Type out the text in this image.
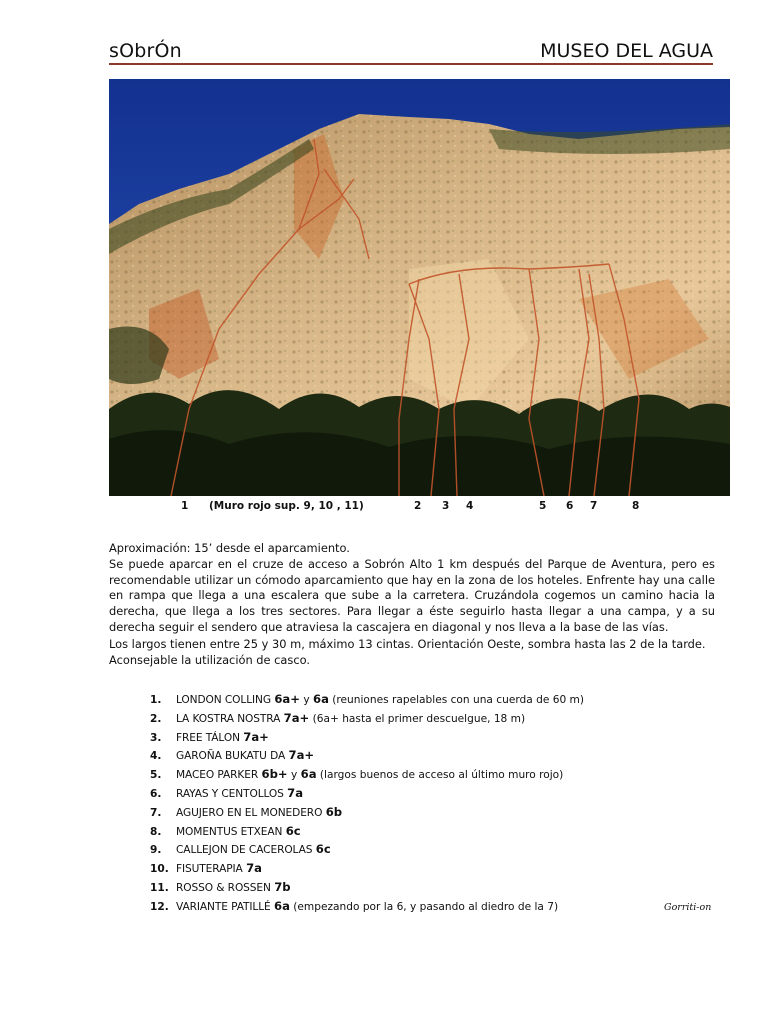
sObrÓn	MUSEO DEL AGUA
1 (Muro rojo sup. 9, 10 , 11)	2 3 4	5 6 7	8

Aproximación: 15’ desde el aparcamiento.

Se puede aparcar en el cruze de acceso a Sobrón Alto 1 km después del Parque de Aventura, pero es recomendable utilizar un cómodo aparcamiento que hay en la zona de los hoteles. Enfrente hay una calle en rampa que llega a una escalera que sube a la carretera. Cruzándola cogemos un camino hacia la derecha, que llega a los tres sectores. Para llegar a éste seguirlo hasta llegar a una campa, y a su derecha seguir el sendero que atraviesa la cascajera en diagonal y nos lleva a la base de las vías.

Los largos tienen entre 25 y 30 m, máximo 13 cintas. Orientación Oeste, sombra hasta las 2 de la tarde.

Aconsejable la utilización de casco.

1. LONDON COLLING 6a+ y 6a (reuniones rapelables con una cuerda de 60 m)
2. LA KOSTRA NOSTRA 7a+ (6a+ hasta el primer descuelgue, 18 m)
3. FREE TÁLON 7a+
4. GAROÑA BUKATU DA 7a+
5. MACEO PARKER 6b+ y 6a (largos buenos de acceso al último muro rojo)
6. RAYAS Y CENTOLLOS 7a
7. AGUJERO EN EL MONEDERO 6b
8. MOMENTUS ETXEAN 6c
9. CALLEJON DE CACEROLAS 6c
10. FISUTERAPIA 7a
11. ROSSO & ROSSEN 7b
12. VARIANTE PATILLÉ 6a (empezando por la 6, y pasando al diedro de la 7)	Gorriti-on
